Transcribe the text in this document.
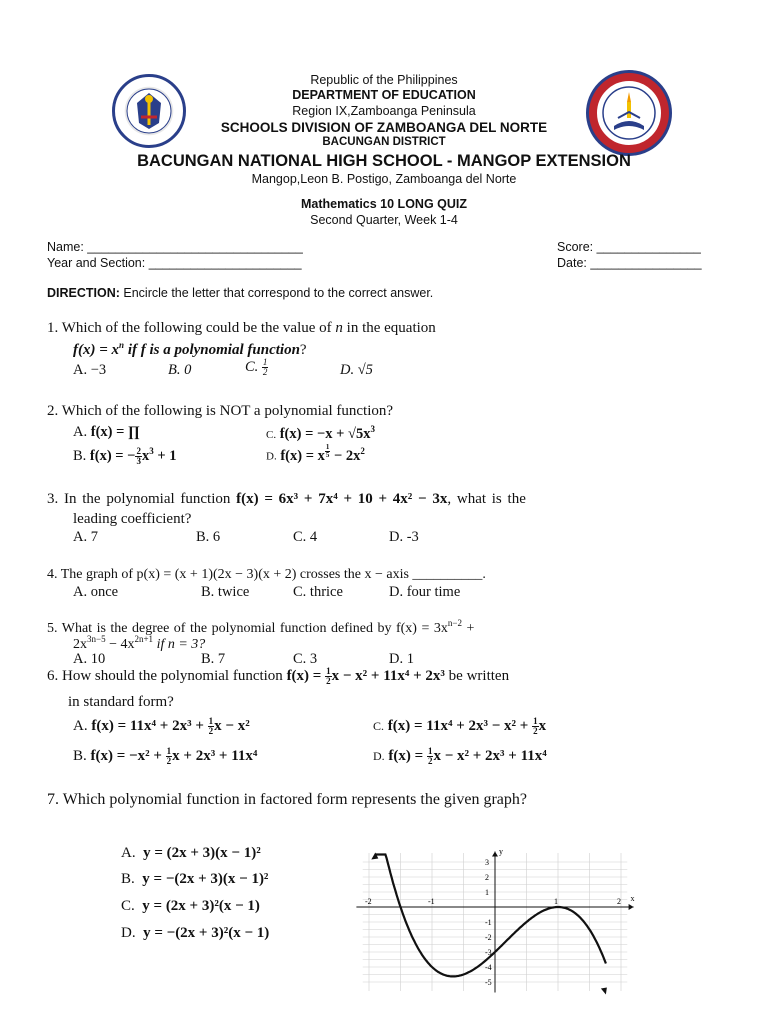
Republic of the Philippines
DEPARTMENT OF EDUCATION
Region IX,Zamboanga Peninsula
SCHOOLS DIVISION OF ZAMBOANGA DEL NORTE
BACUNGAN DISTRICT
BACUNGAN NATIONAL HIGH SCHOOL - MANGOP EXTENSION
Mangop,Leon B. Postigo, Zamboanga del Norte
Mathematics 10 LONG QUIZ
Second Quarter, Week 1-4
Name: _______________________________
Year and Section: ______________________
Score: _______________
Date: ________________
DIRECTION: Encircle the letter that correspond to the correct answer.
1. Which of the following could be the value of n in the equation
$f(x) = x^n$ if f is a polynomial function?
A. −3	B. 0	C. $\frac{1}{2}$	D. √5
2. Which of the following is NOT a polynomial function?
A. f(x) = ∏	C. $f(x) = -x + √5x^3$
B. f(x) = − $\frac{2}{3} x^3 + 1$	D. f(x) = x $^{\frac{1}{5}} - 2x^2$
3. In the polynomial function f(x) = 6x³ + 7x⁴ + 10 + 4x² − 3x, what is the
leading coefficient?
A. 7	B. 6	C. 4	D. -3
4. The graph of p(x) = (x + 1)(2x − 3)(x + 2) crosses the x − axis __________.
A. once	B. twice	C. thrice	D. four time
5. What is the degree of the polynomial function defined by $f(x) = 3x^{n-2}$ +
$2x^{3n-5} - 4x^{2n+1}$ if n = 3?
A. 10	B. 7	C. 3	D. 1
6. How should the polynomial function $f(x) = \frac{1}{2}$ x − x² + 11x⁴ + 2x³ be written
in standard form?
A. $f(x) = 11x^4 + 2x^3 + \frac{1}{2}$ x − x²	C. $f(x) = 11x^4 + 2x^3 - x^2 + \frac{1}{2}$ x
B. $f(x) = -x^2 + \frac{1}{2}$ x + 2x³ + 11x⁴	D. $f(x) = \frac{1}{2}$ x − x² + 2x³ + 11x⁴
7. Which polynomial function in factored form represents the given graph?
A. y = (2x + 3)(x − 1)²
B. y = −(2x + 3)(x − 1)²
C. y = (2x + 3)²(x − 1)
D. y = −(2x + 3)²(x − 1)
x
y
-2	-1	1	2
3
2
1
-1
-2
-3
-4
-5
